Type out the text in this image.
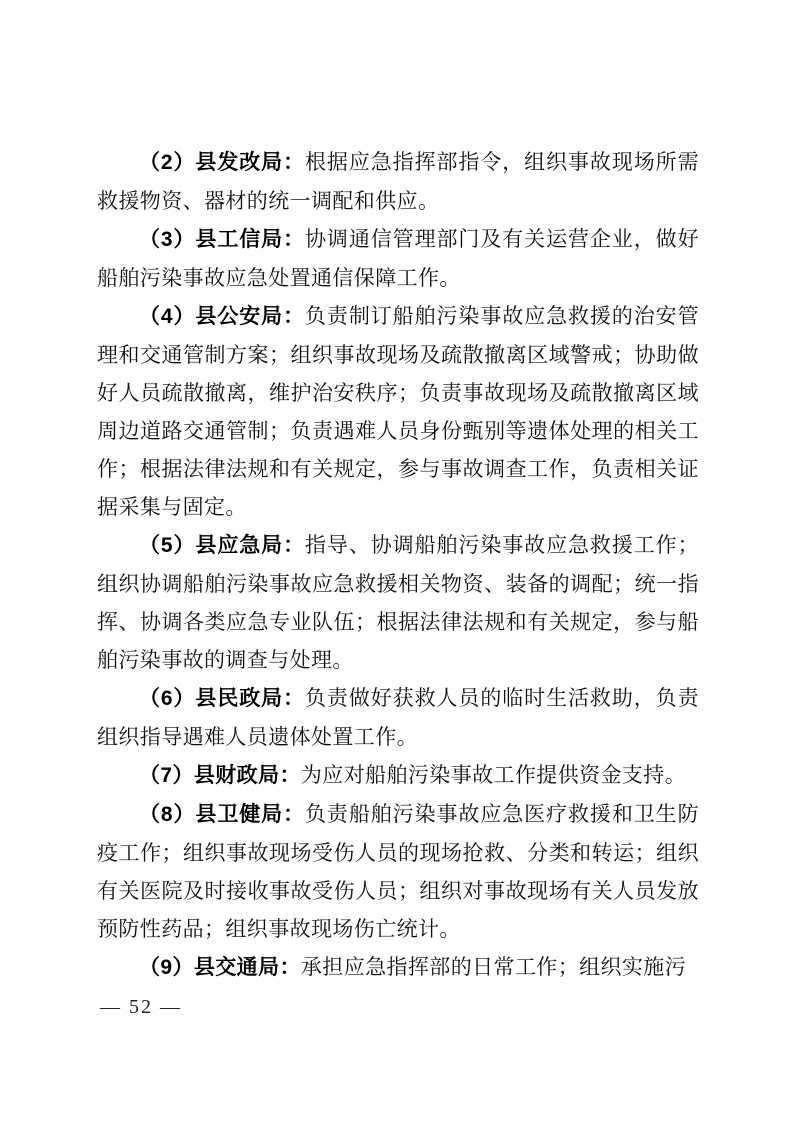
（2）县发改局：根据应急指挥部指令，组织事故现场所需救援物资、器材的统一调配和供应。

（3）县工信局：协调通信管理部门及有关运营企业，做好船舶污染事故应急处置通信保障工作。

（4）县公安局：负责制订船舶污染事故应急救援的治安管理和交通管制方案；组织事故现场及疏散撤离区域警戒；协助做好人员疏散撤离，维护治安秩序；负责事故现场及疏散撤离区域周边道路交通管制；负责遇难人员身份甄别等遗体处理的相关工作；根据法律法规和有关规定，参与事故调查工作，负责相关证据采集与固定。

（5）县应急局：指导、协调船舶污染事故应急救援工作；组织协调船舶污染事故应急救援相关物资、装备的调配；统一指挥、协调各类应急专业队伍；根据法律法规和有关规定，参与船舶污染事故的调查与处理。

（6）县民政局：负责做好获救人员的临时生活救助，负责组织指导遇难人员遗体处置工作。

（7）县财政局：为应对船舶污染事故工作提供资金支持。

（8）县卫健局：负责船舶污染事故应急医疗救援和卫生防疫工作；组织事故现场受伤人员的现场抢救、分类和转运；组织有关医院及时接收事故受伤人员；组织对事故现场有关人员发放预防性药品；组织事故现场伤亡统计。

（9）县交通局：承担应急指挥部的日常工作；组织实施污

— 52 —
